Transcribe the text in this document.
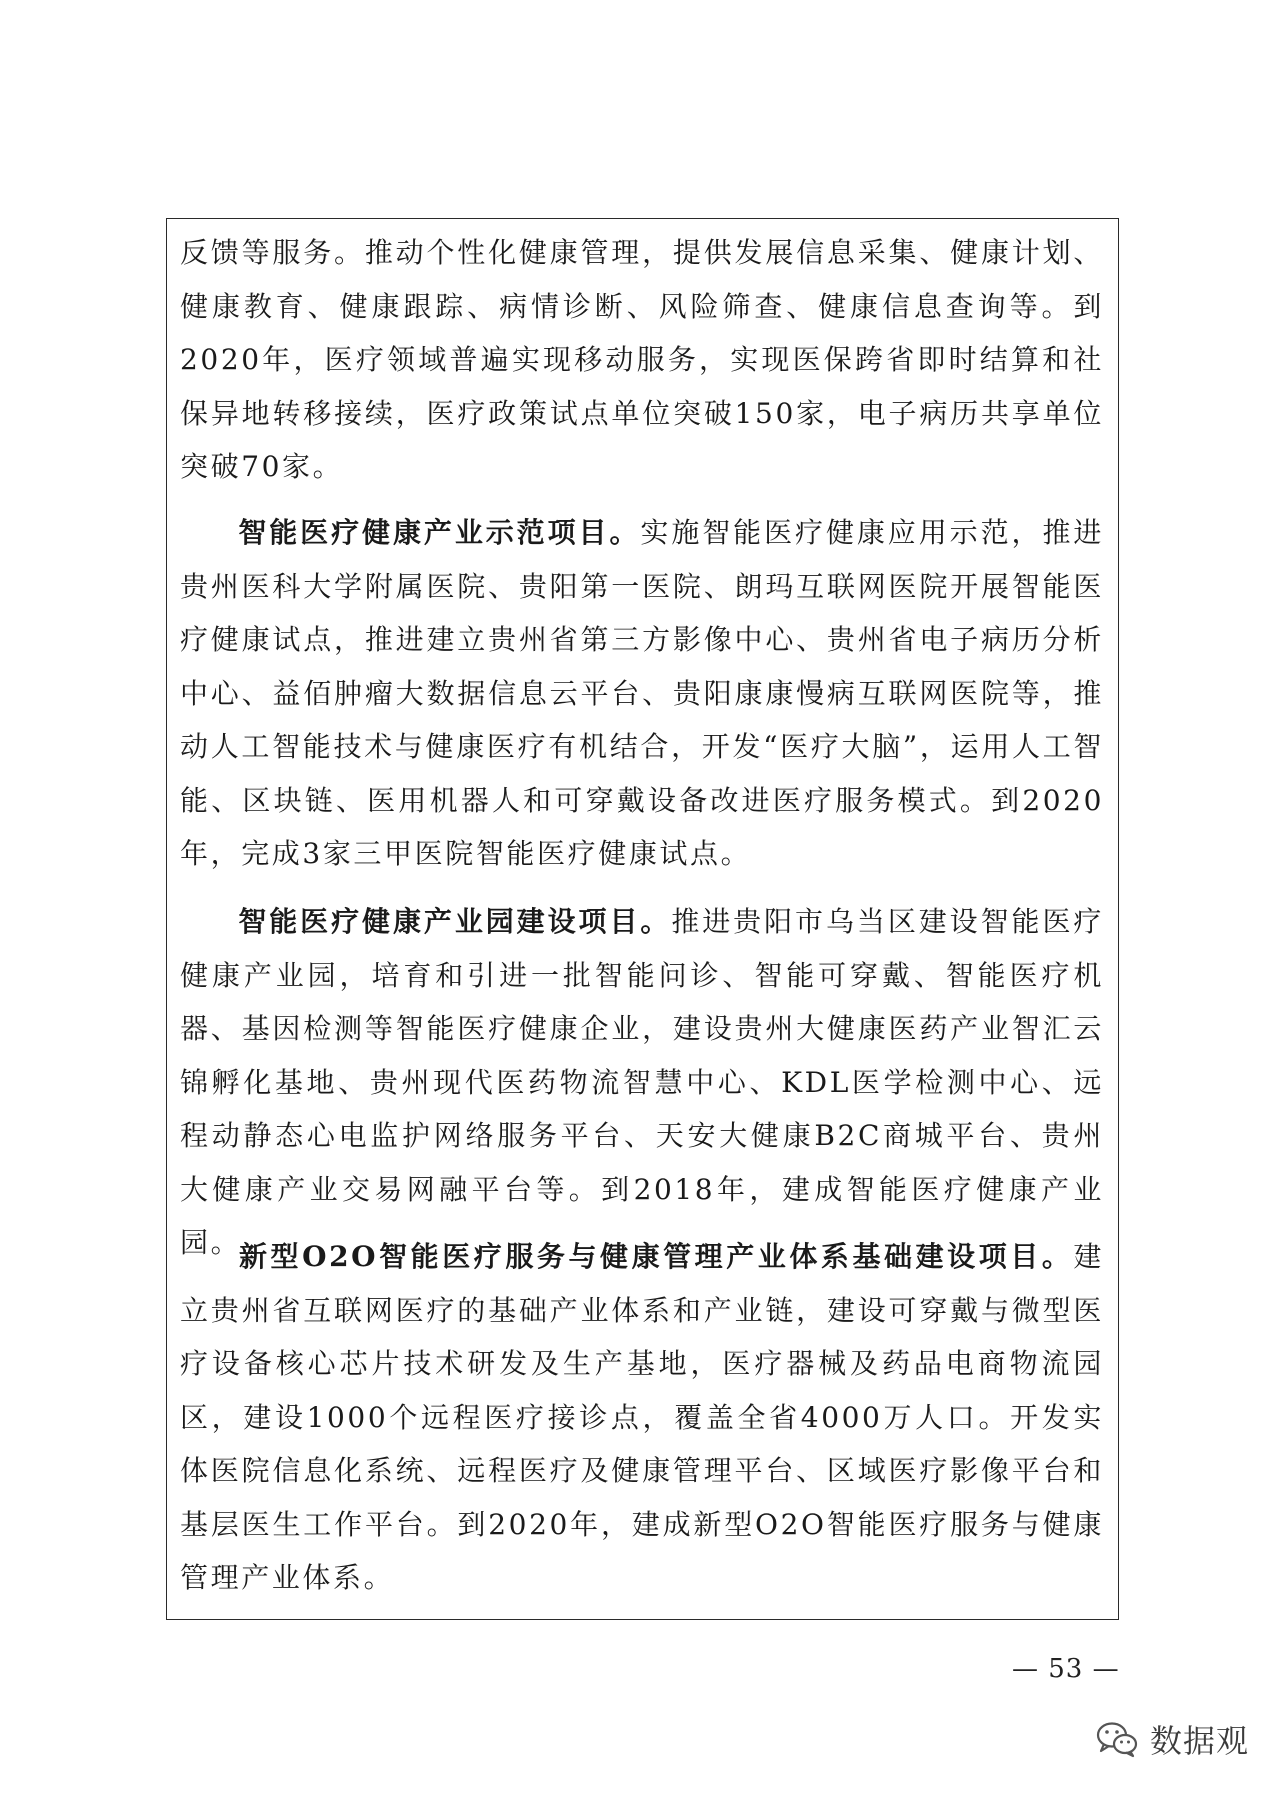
反馈等服务。推动个性化健康管理，提供发展信息采集、健康计划、健康教育、健康跟踪、病情诊断、风险筛查、健康信息查询等。到2020年，医疗领域普遍实现移动服务，实现医保跨省即时结算和社保异地转移接续，医疗政策试点单位突破150家，电子病历共享单位突破70家。

智能医疗健康产业示范项目。实施智能医疗健康应用示范，推进贵州医科大学附属医院、贵阳第一医院、朗玛互联网医院开展智能医疗健康试点，推进建立贵州省第三方影像中心、贵州省电子病历分析中心、益佰肿瘤大数据信息云平台、贵阳康康慢病互联网医院等，推动人工智能技术与健康医疗有机结合，开发“医疗大脑”，运用人工智能、区块链、医用机器人和可穿戴设备改进医疗服务模式。到2020年，完成3家三甲医院智能医疗健康试点。

智能医疗健康产业园建设项目。推进贵阳市乌当区建设智能医疗健康产业园，培育和引进一批智能问诊、智能可穿戴、智能医疗机器、基因检测等智能医疗健康企业，建设贵州大健康医药产业智汇云锦孵化基地、贵州现代医药物流智慧中心、KDL医学检测中心、远程动静态心电监护网络服务平台、天安大健康B2C商城平台、贵州大健康产业交易网融平台等。到2018年，建成智能医疗健康产业园。

新型O2O智能医疗服务与健康管理产业体系基础建设项目。建立贵州省互联网医疗的基础产业体系和产业链，建设可穿戴与微型医疗设备核心芯片技术研发及生产基地，医疗器械及药品电商物流园区，建设1000个远程医疗接诊点，覆盖全省4000万人口。开发实体医院信息化系统、远程医疗及健康管理平台、区域医疗影像平台和基层医生工作平台。到2020年，建成新型O2O智能医疗服务与健康管理产业体系。

— 53 —
数据观
